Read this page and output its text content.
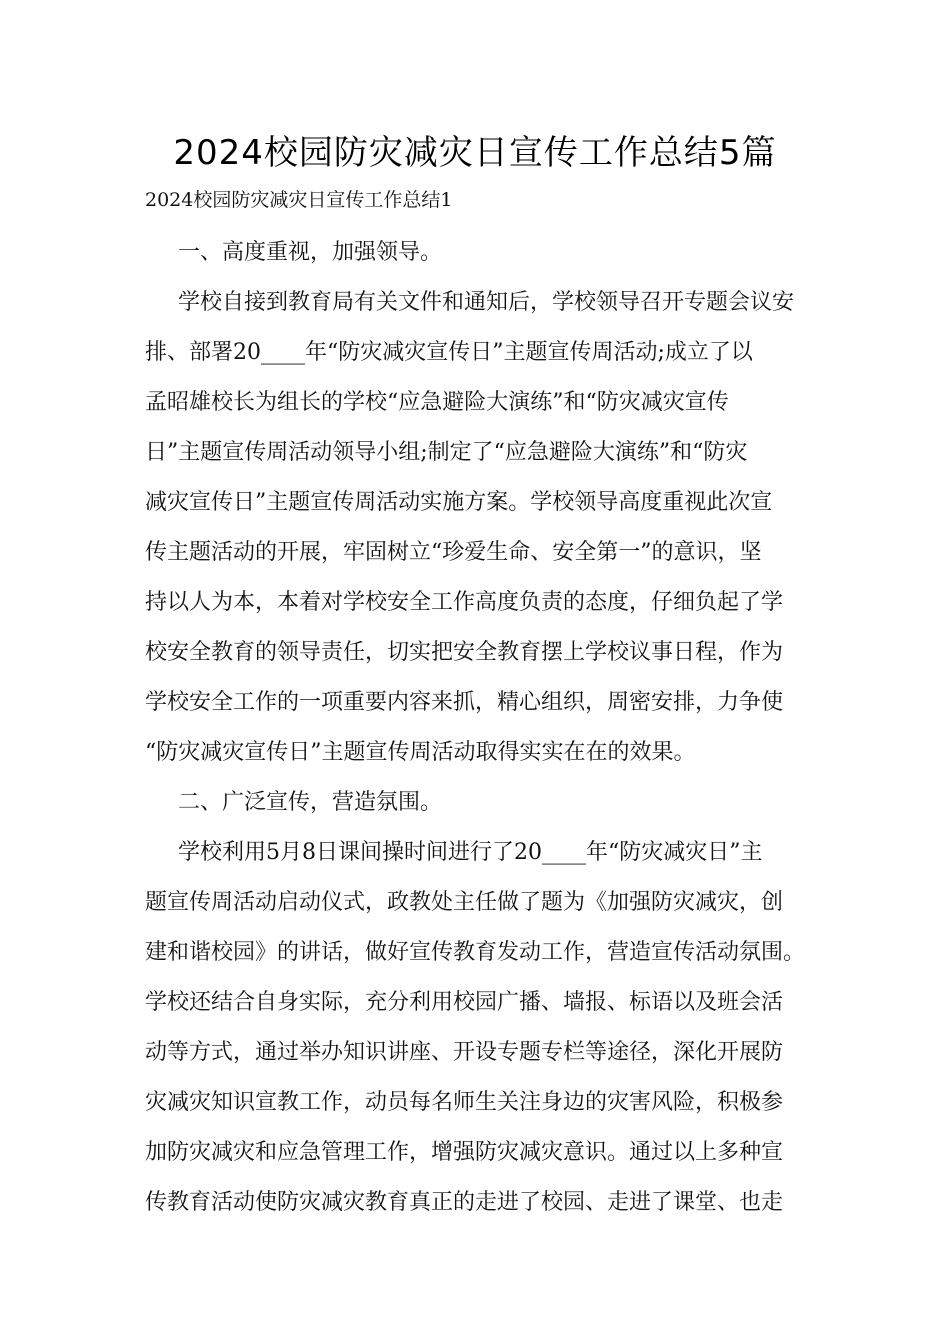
2024校园防灾减灾日宣传工作总结5篇
2024校园防灾减灾日宣传工作总结1
一、高度重视，加强领导。
学校自接到教育局有关文件和通知后，学校领导召开专题会议安
排、部署20____年“防灾减灾宣传日”主题宣传周活动;成立了以
孟昭雄校长为组长的学校“应急避险大演练”和“防灾减灾宣传
日”主题宣传周活动领导小组;制定了“应急避险大演练”和“防灾
减灾宣传日”主题宣传周活动实施方案。学校领导高度重视此次宣
传主题活动的开展，牢固树立“珍爱生命、安全第一”的意识，坚
持以人为本，本着对学校安全工作高度负责的态度，仔细负起了学
校安全教育的领导责任，切实把安全教育摆上学校议事日程，作为
学校安全工作的一项重要内容来抓，精心组织，周密安排，力争使
“防灾减灾宣传日”主题宣传周活动取得实实在在的效果。
二、广泛宣传，营造氛围。
学校利用5月8日课间操时间进行了20____年“防灾减灾日”主
题宣传周活动启动仪式，政教处主任做了题为《加强防灾减灾，创
建和谐校园》的讲话，做好宣传教育发动工作，营造宣传活动氛围。
学校还结合自身实际，充分利用校园广播、墙报、标语以及班会活
动等方式，通过举办知识讲座、开设专题专栏等途径，深化开展防
灾减灾知识宣教工作，动员每名师生关注身边的灾害风险，积极参
加防灾减灾和应急管理工作，增强防灾减灾意识。通过以上多种宣
传教育活动使防灾减灾教育真正的走进了校园、走进了课堂、也走
